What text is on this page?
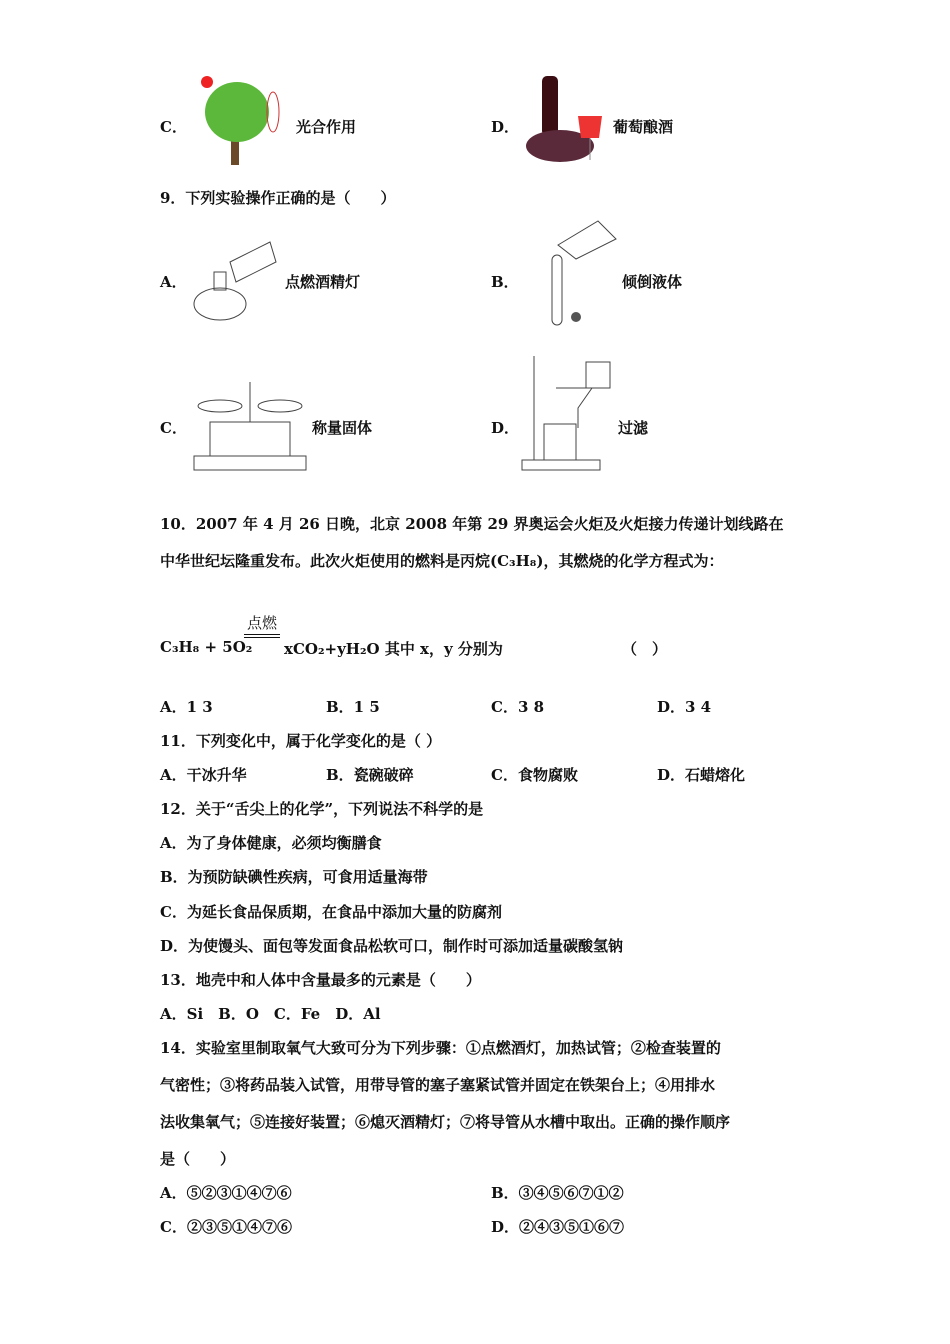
C．	光合作用	D．	葡萄酿酒
9．下列实验操作正确的是（　　）
A．	点燃酒精灯	B．	倾倒液体
C．	称量固体	D．	过滤
10．2007 年 4 月 26 日晚，北京 2008 年第 29 界奥运会火炬及火炬接力传递计划线路在
中华世纪坛隆重发布。此次火炬使用的燃料是丙烷(C₃H₈)，其燃烧的化学方程式为：
C₃H₈ + 5O₂
点燃
xCO₂+yH₂O 其中 x，y 分别为	（　）
A．1 3	B．1 5	C．3 8	D．3 4
11．下列变化中，属于化学变化的是（ ）
A．干冰升华	B．瓷碗破碎	C．食物腐败	D．石蜡熔化
12．关于“舌尖上的化学”，下列说法不科学的是
A．为了身体健康，必须均衡膳食
B．为预防缺碘性疾病，可食用适量海带
C．为延长食品保质期，在食品中添加大量的防腐剂
D．为使馒头、面包等发面食品松软可口，制作时可添加适量碳酸氢钠
13．地壳中和人体中含量最多的元素是（　　）
A．Si　B．O　C．Fe　D．Al
14．实验室里制取氧气大致可分为下列步骤：①点燃酒灯，加热试管；②检查装置的
气密性；③将药品装入试管，用带导管的塞子塞紧试管并固定在铁架台上；④用排水
法收集氧气；⑤连接好装置；⑥熄灭酒精灯；⑦将导管从水槽中取出。正确的操作顺序
是（　　）
A．⑤②③①④⑦⑥	B．③④⑤⑥⑦①②
C．②③⑤①④⑦⑥	D．②④③⑤①⑥⑦
